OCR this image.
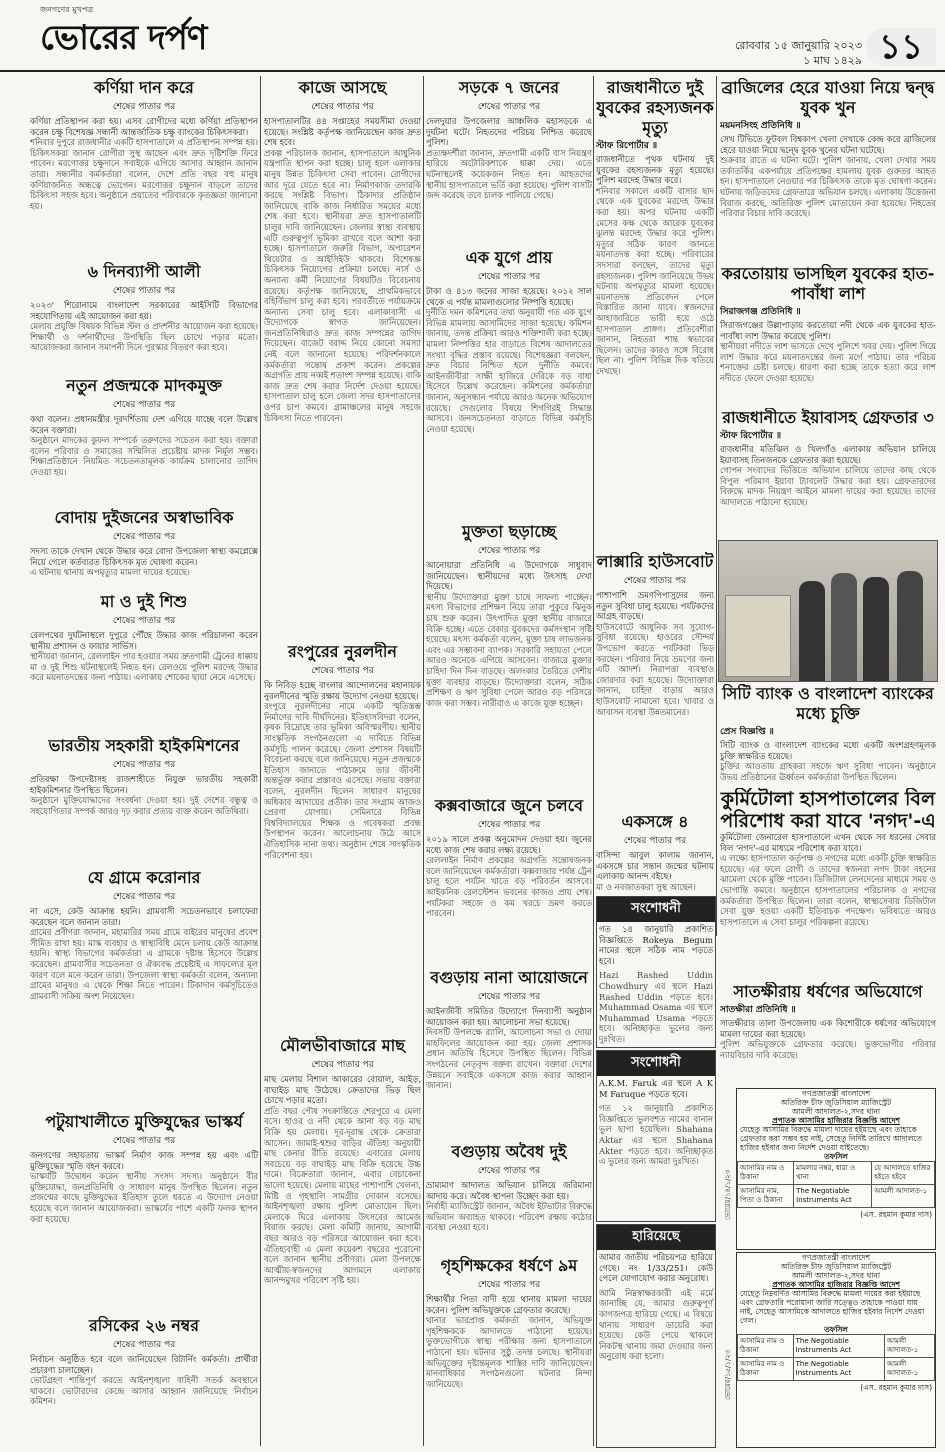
জনগণের মুখপত্র
ভোরের দর্পণ	রোববার ১৫ জানুয়ারি ২০২৩
১ মাঘ ১৪২৯ ১১
কর্ণিয়া দান করে
শেষের পাতার পর
কর্ণিয়া প্রতিস্থাপন করা হয়। এসব রোগীদের মধ্যে কর্ণিয়া প্রতিস্থাপন করেন চক্ষু বিশেষজ্ঞ সন্ধানী আন্তর্জাতিক চক্ষু ব্যাংকের চিকিৎসকরা।
শনিবার দুপুরে রাজধানীর একটি হাসপাতালে এ প্রতিস্থাপন সম্পন্ন হয়। চিকিৎসকরা জানান রোগীরা সুস্থ আছেন এবং দ্রুত দৃষ্টিশক্তি ফিরে পাবেন। মরণোত্তর চক্ষুদানে সবাইকে এগিয়ে আসার আহ্বান জানান তারা। সন্ধানীর কর্মকর্তারা বলেন, দেশে প্রতি বছর বহু মানুষ কর্ণিয়াজনিত অন্ধত্বে ভোগেন। মরণোত্তর চক্ষুদান বাড়লে তাদের চিকিৎসা সহজ হবে। অনুষ্ঠানে প্রয়াতের পরিবারকে কৃতজ্ঞতা জানানো হয়।
৬ দিনব্যাপী আলী
শেষের পাতার পর
২০২৩' শিরোনামে বাংলাদেশ সরকারের আইসিটি বিভাগের সহযোগিতায় এই আয়োজন করা হয়।
মেলায় প্রযুক্তি বিষয়ক বিভিন্ন স্টল ও প্রদর্শনীর আয়োজন করা হয়েছে। শিক্ষার্থী ও দর্শনার্থীদের উপস্থিতি ছিল চোখে পড়ার মতো। আয়োজকরা জানান সমাপনী দিনে পুরস্কার বিতরণ করা হবে।
নতুন প্রজন্মকে মাদকমুক্ত
শেষের পাতার পর
কথা বলেন। প্রধানমন্ত্রীর দূরদর্শিতায় দেশ এগিয়ে যাচ্ছে বলে উল্লেখ করেন বক্তারা।
অনুষ্ঠানে মাদকের কুফল সম্পর্কে তরুণদের সচেতন করা হয়। বক্তারা বলেন পরিবার ও সমাজের সম্মিলিত প্রচেষ্টায় মাদক নির্মূল সম্ভব। শিক্ষাপ্রতিষ্ঠানে নিয়মিত সচেতনতামূলক কার্যক্রম চালানোর তাগিদ দেওয়া হয়।
বোদায় দুইজনের অস্বাভাবিক
শেষের পাতার পর
সদস্য তাকে দেখান থেকে উদ্ধার করে বোদা উপজেলা স্বাস্থ্য কমপ্লেক্সে নিয়ে গেলে কর্তব্যরত চিকিৎসক মৃত ঘোষণা করেন।
এ ঘটনায় থানায় অপমৃত্যুর মামলা দায়ের হয়েছে।
মা ও দুই শিশু
শেষের পাতার পর
রেলপথের দুর্ঘটনাস্থলে দুপুরে পৌঁছে উদ্ধার কাজ পরিচালনা করেন স্থানীয় প্রশাসন ও ফায়ার সার্ভিস।
স্থানীয়রা জানান, রেললাইন পার হওয়ার সময় দ্রুতগামী ট্রেনের ধাক্কায় মা ও দুই শিশু ঘটনাস্থলেই নিহত হন। রেলওয়ে পুলিশ মরদেহ উদ্ধার করে ময়নাতদন্তের জন্য পাঠায়। এলাকায় শোকের ছায়া নেমে এসেছে।
ভারতীয় সহকারী হাইকমিশনের
শেষের পাতার পর
প্রতিরক্ষা উপদেষ্টাসহ রাজশাহীতে নিযুক্ত ভারতীয় সহকারী হাইকমিশনার উপস্থিত ছিলেন।
অনুষ্ঠানে মুক্তিযোদ্ধাদের সংবর্ধনা দেওয়া হয়। দুই দেশের বন্ধুত্ব ও সহযোগিতার সম্পর্ক আরও দৃঢ় করার প্রত্যয় ব্যক্ত করেন অতিথিরা।
যে গ্রামে করোনার
শেষের পাতার পর
না এসে, কেউ আক্রান্ত হয়নি। গ্রামবাসী সচেতনভাবে চলাফেরা করেছেন বলে জানান তারা।
গ্রামের প্রবীণরা জানান, মহামারির সময় গ্রামে বাইরের মানুষের প্রবেশ সীমিত রাখা হয়। মাস্ক ব্যবহার ও স্বাস্থ্যবিধি মেনে চলায় কেউ আক্রান্ত হয়নি। স্বাস্থ্য বিভাগের কর্মকর্তারা এ গ্রামকে দৃষ্টান্ত হিসেবে উল্লেখ করেছেন। গ্রামবাসীর সচেতনতা ও ঐক্যবদ্ধ প্রচেষ্টাই এ সাফল্যের মূল কারণ বলে মনে করেন তারা। উপজেলা স্বাস্থ্য কর্মকর্তা বলেন, অন্যান্য গ্রামের মানুষও এ থেকে শিক্ষা নিতে পারেন। টিকাদান কর্মসূচিতেও গ্রামবাসী সক্রিয় অংশ নিয়েছেন।
পটুয়াখালীতে মুক্তিযুদ্ধের ভাস্কর্য
শেষের পাতার পর
জনগণের সহায়তায় ভাস্কর্য নির্মাণ কাজ সম্পন্ন হয় এবং এটি মুক্তিযুদ্ধের স্মৃতি বহন করবে।
ভাস্কর্যটি উদ্বোধন করেন স্থানীয় সংসদ সদস্য। অনুষ্ঠানে বীর মুক্তিযোদ্ধা, জনপ্রতিনিধি ও সাধারণ মানুষ উপস্থিত ছিলেন। নতুন প্রজন্মের কাছে মুক্তিযুদ্ধের ইতিহাস তুলে ধরতে এ উদ্যোগ নেওয়া হয়েছে বলে জানান আয়োজকরা। ভাস্কর্যের পাশে একটি ফলক স্থাপন করা হয়েছে।
রসিকের ২৬ নম্বর
শেষের পাতার পর
নির্বাচন অনুষ্ঠিত হবে বলে জানিয়েছেন রিটার্নিং কর্মকর্তা। প্রার্থীরা প্রচারণা চালাচ্ছেন।
ভোটগ্রহণ শান্তিপূর্ণ করতে আইনশৃঙ্খলা বাহিনী সতর্ক অবস্থানে থাকবে। ভোটারদের কেন্দ্রে আসার আহ্বান জানিয়েছে নির্বাচন কমিশন।
কাজে আসছে
শেষের পাতার পর
হাসপাতালটির ৪৪ সপ্তাহের সময়সীমা দেওয়া হয়েছে। সংশ্লিষ্ট কর্তৃপক্ষ জানিয়েছেন কাজ দ্রুত শেষ হবে।
প্রকল্প পরিচালক জানান, হাসপাতালে আধুনিক যন্ত্রপাতি স্থাপন করা হচ্ছে। চালু হলে এলাকার মানুষ উন্নত চিকিৎসা সেবা পাবেন। রোগীদের আর দূরে যেতে হবে না। নির্মাণকাজ তদারকি করছে সংশ্লিষ্ট বিভাগ। ঠিকাদার প্রতিষ্ঠান জানিয়েছে বাকি কাজ নির্ধারিত সময়ের মধ্যে শেষ করা হবে। স্থানীয়রা দ্রুত হাসপাতালটি চালুর দাবি জানিয়েছেন। জেলার স্বাস্থ্য ব্যবস্থায় এটি গুরুত্বপূর্ণ ভূমিকা রাখবে বলে আশা করা হচ্ছে। হাসপাতালে জরুরি বিভাগ, অপারেশন থিয়েটার ও আইসিইউ থাকবে। বিশেষজ্ঞ চিকিৎসক নিয়োগের প্রক্রিয়া চলছে। নার্স ও অন্যান্য কর্মী নিয়োগের বিষয়টিও বিবেচনায় রয়েছে। কর্তৃপক্ষ জানিয়েছে, প্রাথমিকভাবে বহির্বিভাগ চালু করা হবে। পরবর্তীতে পর্যায়ক্রমে অন্যান্য সেবা চালু হবে। এলাকাবাসী এ উদ্যোগকে স্বাগত জানিয়েছেন। জনপ্রতিনিধিরাও দ্রুত কাজ সম্পন্নের তাগিদ দিয়েছেন। বাজেট বরাদ্দ নিয়ে কোনো সমস্যা নেই বলে জানানো হয়েছে। পরিদর্শনকালে কর্মকর্তারা সন্তোষ প্রকাশ করেন। প্রকল্পের অগ্রগতি প্রায় নব্বই শতাংশ সম্পন্ন হয়েছে। বাকি কাজ দ্রুত শেষ করার নির্দেশ দেওয়া হয়েছে। হাসপাতাল চালু হলে জেলা সদর হাসপাতালের ওপর চাপ কমবে। গ্রামাঞ্চলের মানুষ সহজে চিকিৎসা নিতে পারবেন।
রংপুরের নুরলদীন
শেষের পাতার পর
কি নিবিড় হচ্ছে বাংলার আন্দোলনের মহানায়ক নুরলদীনের স্মৃতি রক্ষায় উদ্যোগ নেওয়া হয়েছে।
রংপুরে নুরলদীনের নামে একটি স্মৃতিস্তম্ভ নির্মাণের দাবি দীর্ঘদিনের। ইতিহাসবিদরা বলেন, কৃষক বিদ্রোহে তার ভূমিকা অবিস্মরণীয়। স্থানীয় সাংস্কৃতিক সংগঠনগুলো এ দাবিতে বিভিন্ন কর্মসূচি পালন করেছে। জেলা প্রশাসন বিষয়টি বিবেচনা করছে বলে জানিয়েছে। নতুন প্রজন্মকে ইতিহাস জানাতে পাঠ্যক্রমে তার জীবনী অন্তর্ভুক্ত করার প্রস্তাবও এসেছে। সভায় বক্তারা বলেন, নুরলদীন ছিলেন সাধারণ মানুষের অধিকার আদায়ের প্রতীক। তার সংগ্রাম আজও প্রেরণা যোগায়। সেমিনারে বিভিন্ন বিশ্ববিদ্যালয়ের শিক্ষক ও গবেষকরা প্রবন্ধ উপস্থাপন করেন। আলোচনায় উঠে আসে ঐতিহাসিক নানা তথ্য। অনুষ্ঠান শেষে সাংস্কৃতিক পরিবেশনা হয়।
মৌলভীবাজারে মাছ
শেষের পাতার পর
মাছ মেলায় বিশাল আকারের বোয়াল, আইড়, বাঘাইড় মাছ উঠেছে। ক্রেতাদের ভিড় ছিল চোখে পড়ার মতো।
প্রতি বছর পৌষ সংক্রান্তিতে শেরপুরে এ মেলা বসে। হাওর ও নদী থেকে আনা বড় বড় মাছ বিক্রি হয় মেলায়। দূর-দূরান্ত থেকে ক্রেতারা আসেন। জামাই-শ্বশুর বাড়ির ঐতিহ্য অনুযায়ী মাছ কেনার রীতি রয়েছে। এবারের মেলায় সবচেয়ে বড় বাঘাইড় মাছ বিক্রি হয়েছে উচ্চ দামে। বিক্রেতারা জানান, এবার বেচাকেনা ভালো হয়েছে। মেলায় মাছের পাশাপাশি খেলনা, মিষ্টি ও গৃহস্থালি সামগ্রীর দোকান বসেছে। আইনশৃঙ্খলা রক্ষায় পুলিশ মোতায়েন ছিল। মেলাকে ঘিরে এলাকায় উৎসবের আমেজ বিরাজ করছে। মেলা কমিটি জানায়, আগামী বছর আরও বড় পরিসরে আয়োজন করা হবে। ঐতিহ্যবাহী এ মেলা কয়েকশ বছরের পুরোনো বলে জানান স্থানীয় প্রবীণরা। মেলা উপলক্ষে আত্মীয়-স্বজনদের আগমনে এলাকায় আনন্দমুখর পরিবেশ সৃষ্টি হয়।
সড়কে ৭ জনের
শেষের পাতার পর
দেলদুয়ার উপজেলার আঞ্চলিক মহাসড়কে এ দুর্ঘটনা ঘটে। নিহতদের পরিচয় নিশ্চিত করেছে পুলিশ।
প্রত্যক্ষদর্শীরা জানান, দ্রুতগামী একটি বাস নিয়ন্ত্রণ হারিয়ে অটোরিকশাকে ধাক্কা দেয়। এতে ঘটনাস্থলেই কয়েকজন নিহত হন। আহতদের স্থানীয় হাসপাতালে ভর্তি করা হয়েছে। পুলিশ বাসটি জব্দ করেছে তবে চালক পালিয়ে গেছে।
এক যুগে প্রায়
শেষের পাতার পর
টাকা ও ৪১৩ জনের সাজা হয়েছে। ২০১২ সাল থেকে এ পর্যন্ত মামলাগুলোর নিষ্পত্তি হয়েছে।
দুর্নীতি দমন কমিশনের তথ্য অনুযায়ী গত এক যুগে বিভিন্ন মামলায় আসামিদের সাজা হয়েছে। কমিশন জানায়, তদন্ত প্রক্রিয়া আরও শক্তিশালী করা হচ্ছে। মামলা নিষ্পত্তির হার বাড়াতে বিশেষ আদালতের সংখ্যা বৃদ্ধির প্রস্তাব রয়েছে। বিশেষজ্ঞরা বলছেন, দ্রুত বিচার নিশ্চিত হলে দুর্নীতি কমবে। আইনজীবীরা সাক্ষী হাজিরে দেরিকে বড় বাধা হিসেবে উল্লেখ করেছেন। কমিশনের কর্মকর্তারা জানান, অনুসন্ধান পর্যায়ে আরও অনেক অভিযোগ রয়েছে। সেগুলোর বিষয়ে শিগগিরই সিদ্ধান্ত আসবে। জনসচেতনতা বাড়াতে বিভিন্ন কর্মসূচি নেওয়া হয়েছে।
মুক্ততা ছড়াচ্ছে
শেষের পাতার পর
আনোয়ারা প্রতিনিধি এ উদ্যোগকে সাধুবাদ জানিয়েছেন। স্থানীয়দের মধ্যে উৎসাহ দেখা দিয়েছে।
স্থানীয় উদ্যোক্তারা মুক্তা চাষে সাফল্য পাচ্ছেন। মৎস্য বিভাগের প্রশিক্ষণ নিয়ে তারা পুকুরে ঝিনুক চাষ শুরু করেন। উৎপাদিত মুক্তা স্থানীয় বাজারে বিক্রি হচ্ছে। এতে বেকার যুবকদের কর্মসংস্থান সৃষ্টি হয়েছে। মৎস্য কর্মকর্তা বলেন, মুক্তা চাষ লাভজনক এবং এর সম্ভাবনা ব্যাপক। সরকারি সহায়তা পেলে আরও অনেকে এগিয়ে আসবেন। বাজারে মুক্তার চাহিদা দিন দিন বাড়ছে। অলংকার তৈরিতে দেশীয় মুক্তা ব্যবহার বাড়ছে। উদ্যোক্তারা বলেন, সঠিক প্রশিক্ষণ ও ঋণ সুবিধা পেলে আরও বড় পরিসরে কাজ করা সম্ভব। নারীরাও এ কাজে যুক্ত হচ্ছেন।
কক্সবাজারে জুনে চলবে
শেষের পাতার পর
২০১৯ সালে প্রকল্প অনুমোদন দেওয়া হয়। জুনের মধ্যে কাজ শেষ করার লক্ষ্য রয়েছে।
রেললাইন নির্মাণ প্রকল্পের অগ্রগতি সন্তোষজনক বলে জানিয়েছেন কর্মকর্তারা। কক্সবাজার পর্যন্ত ট্রেন চালু হলে পর্যটন খাতে বড় পরিবর্তন আসবে। আইকনিক রেলস্টেশন ভবনের কাজও প্রায় শেষ। পর্যটকরা সহজে ও কম খরচে ভ্রমণ করতে পারবেন।
বগুড়ায় নানা আয়োজনে
শেষের পাতার পর
আইনজীবী সমিতির উদ্যোগে দিনব্যাপী অনুষ্ঠান আয়োজন করা হয়। আলোচনা সভা হয়েছে।
দিবসটি উপলক্ষে র‍্যালি, আলোচনা সভা ও দোয়া মাহফিলের আয়োজন করা হয়। জেলা প্রশাসক প্রধান অতিথি হিসেবে উপস্থিত ছিলেন। বিভিন্ন সংগঠনের নেতৃবৃন্দ বক্তব্য রাখেন। বক্তারা দেশের উন্নয়নে সবাইকে একসঙ্গে কাজ করার আহ্বান জানান।
বগুড়ায় অবৈধ দুই
শেষের পাতার পর
ভ্রাম্যমাণ আদালত অভিযান চালিয়ে জরিমানা আদায় করে। অবৈধ স্থাপনা উচ্ছেদ করা হয়।
নির্বাহী ম্যাজিস্ট্রেট জানান, অবৈধ ইটভাটার বিরুদ্ধে অভিযান অব্যাহত থাকবে। পরিবেশ রক্ষায় কঠোর ব্যবস্থা নেওয়া হবে।
গৃহশিক্ষকের ধর্ষণে ৯ম
শেষের পাতার পর
শিক্ষার্থীর পিতা বাদী হয়ে থানায় মামলা দায়ের করেন। পুলিশ অভিযুক্তকে গ্রেফতার করেছে।
থানার ভারপ্রাপ্ত কর্মকর্তা জানান, অভিযুক্ত গৃহশিক্ষককে আদালতে পাঠানো হয়েছে। ভুক্তভোগীকে স্বাস্থ্য পরীক্ষার জন্য হাসপাতালে পাঠানো হয়। ঘটনার সুষ্ঠু তদন্ত চলছে। স্থানীয়রা অভিযুক্তের দৃষ্টান্তমূলক শাস্তির দাবি জানিয়েছেন। মানবাধিকার সংগঠনগুলো ঘটনার নিন্দা জানিয়েছে।
রাজধানীতে দুই যুবকের রহস্যজনক মৃত্যু
স্টাফ রিপোর্টার ॥
রাজধানীতে পৃথক ঘটনায় দুই যুবকের রহস্যজনক মৃত্যু হয়েছে। পুলিশ মরদেহ উদ্ধার করে।
শনিবার সকালে একটি বাসার ছাদ থেকে এক যুবকের মরদেহ উদ্ধার করা হয়। অপর ঘটনায় একটি মেসের কক্ষ থেকে আরেক যুবকের ঝুলন্ত মরদেহ উদ্ধার করে পুলিশ। মৃত্যুর সঠিক কারণ জানতে ময়নাতদন্ত করা হচ্ছে। পরিবারের সদস্যরা বলছেন, তাদের মৃত্যু রহস্যজনক। পুলিশ জানিয়েছে উভয় ঘটনায় অপমৃত্যুর মামলা হয়েছে। ময়নাতদন্ত প্রতিবেদন পেলে বিস্তারিত জানা যাবে। স্বজনদের আহাজারিতে ভারী হয়ে ওঠে হাসপাতাল প্রাঙ্গণ। প্রতিবেশীরা জানান, নিহতরা শান্ত স্বভাবের ছিলেন। তাদের কারও সঙ্গে বিরোধ ছিল না। পুলিশ বিভিন্ন দিক খতিয়ে দেখছে।
লাক্সারি হাউসবোট
শেষের পাতার পর
পাশাপাশি ভ্রমণপিপাসুদের জন্য নতুন সুবিধা চালু হয়েছে। পর্যটকদের আগ্রহ বাড়ছে।
হাউসবোটে আধুনিক সব সুযোগ-সুবিধা রয়েছে। হাওরের সৌন্দর্য উপভোগ করতে পর্যটকরা ভিড় করছেন। পরিবার নিয়ে ভ্রমণের জন্য এটি আদর্শ। নিরাপত্তা ব্যবস্থাও জোরদার করা হয়েছে। উদ্যোক্তারা জানান, চাহিদা বাড়ায় আরও হাউসবোট নামানো হবে। খাবার ও আবাসন ব্যবস্থা উন্নতমানের।
একসঙ্গে ৪
শেষের পাতার পর
বাসিন্দা আবুল কালাম জানান, একসঙ্গে চার সন্তান জন্মের ঘটনায় এলাকায় আনন্দ বইছে।
মা ও নবজাতকরা সুস্থ আছেন।
সংশোধনী
গত ১৪ জানুয়ারি প্রকাশিত বিজ্ঞপ্তিতে Rokeya Begum নামের স্থলে সঠিক নাম পড়তে হবে।
Hazi Rashed Uddin Chowdhury এর স্থলে Hazi Rashed Uddin পড়তে হবে। Muhammad Osama এর স্থলে Muhammad Usama পড়তে হবে। অনিচ্ছাকৃত ভুলের জন্য দুঃখিত।
সংশোধনী
A.K.M. Faruk এর স্থলে A K M Faruque পড়তে হবে।
গত ১২ জানুয়ারি প্রকাশিত বিজ্ঞপ্তিতে ভুলবশত নামের বানান ভুল ছাপা হয়েছিল। Shahana Aktar এর স্থলে Shahana Akter পড়তে হবে। অনিচ্ছাকৃত এ ভুলের জন্য আমরা দুঃখিত।
হারিয়েছে
আমার জাতীয় পরিচয়পত্র হারিয়ে গেছে। নং 1/33/251। কেউ পেলে যোগাযোগ করার অনুরোধ।
আমি নিম্নস্বাক্ষরকারী এই মর্মে জানাচ্ছি যে, আমার গুরুত্বপূর্ণ কাগজপত্র হারিয়ে গেছে। এ বিষয়ে থানায় সাধারণ ডায়েরি করা হয়েছে। কেউ পেয়ে থাকলে নিকটস্থ থানায় জমা দেওয়ার জন্য অনুরোধ করা হলো।
ব্রাজিলের হেরে যাওয়া নিয়ে দ্বন্দ্ব যুবক খুন
ময়মনসিংহ প্রতিনিধি ॥
সেখ টিভিতে ফুটবল বিশ্বকাপ খেলা দেখাকে কেন্দ্র করে ব্রাজিলের হেরে যাওয়া নিয়ে দ্বন্দ্বে যুবক খুনের ঘটনা ঘটেছে।
শুক্রবার রাতে এ ঘটনা ঘটে। পুলিশ জানায়, খেলা দেখার সময় তর্কাতর্কির একপর্যায়ে প্রতিপক্ষের হামলায় যুবক গুরুতর আহত হন। হাসপাতালে নেওয়ার পর চিকিৎসক তাকে মৃত ঘোষণা করেন। ঘটনায় জড়িতদের গ্রেফতারে অভিযান চলছে। এলাকায় উত্তেজনা বিরাজ করছে, অতিরিক্ত পুলিশ মোতায়েন করা হয়েছে। নিহতের পরিবার বিচার দাবি করেছে।
করতোয়ায় ভাসছিল যুবকের হাত-পাবাঁধা লাশ
সিরাজগঞ্জ প্রতিনিধি ॥
সিরাজগঞ্জের উল্লাপাড়ায় করতোয়া নদী থেকে এক যুবকের হাত-পাবাঁধা লাশ উদ্ধার করেছে পুলিশ।
স্থানীয়রা নদীতে লাশ ভাসতে দেখে পুলিশে খবর দেয়। পুলিশ গিয়ে লাশ উদ্ধার করে ময়নাতদন্তের জন্য মর্গে পাঠায়। তার পরিচয় শনাক্তের চেষ্টা চলছে। ধারণা করা হচ্ছে তাকে হত্যা করে লাশ নদীতে ফেলে দেওয়া হয়েছে।
রাজধানীতে ইয়াবাসহ গ্রেফতার ৩
স্টাফ রিপোর্টার ॥
রাজধানীর মতিঝিল ও খিলগাঁও এলাকায় অভিযান চালিয়ে ইয়াবাসহ তিনজনকে গ্রেফতার করা হয়েছে।
গোপন সংবাদের ভিত্তিতে অভিযান চালিয়ে তাদের কাছ থেকে বিপুল পরিমাণ ইয়াবা ট্যাবলেট উদ্ধার করা হয়। গ্রেফতারদের বিরুদ্ধে মাদক নিয়ন্ত্রণ আইনে মামলা দায়ের করা হয়েছে। তাদের আদালতে পাঠানো হয়েছে।
সিটি ব্যাংক ও বাংলাদেশ ব্যাংকের মধ্যে চুক্তি
প্রেস বিজ্ঞপ্তি ॥
সিটি ব্যাংক ও বাংলাদেশ ব্যাংকের মধ্যে একটি অংশগ্রহণমূলক চুক্তি স্বাক্ষরিত হয়েছে।
চুক্তির আওতায় গ্রাহকরা সহজে ঋণ সুবিধা পাবেন। অনুষ্ঠানে উভয় প্রতিষ্ঠানের ঊর্ধ্বতন কর্মকর্তারা উপস্থিত ছিলেন।
কুর্মিটোলা হাসপাতালের বিল পরিশোধ করা যাবে 'নগদ'-এ
কুর্মিটোলা জেনারেল হাসপাতালে এখন থেকে সব ধরনের সেবার বিল 'নগদ'-এর মাধ্যমে পরিশোধ করা যাবে।
এ লক্ষ্যে হাসপাতাল কর্তৃপক্ষ ও নগদের মধ্যে একটি চুক্তি স্বাক্ষরিত হয়েছে। এর ফলে রোগী ও তাদের স্বজনরা নগদ টাকা বহনের ঝামেলা থেকে মুক্তি পাবেন। ডিজিটাল লেনদেনের মাধ্যমে সময় ও ভোগান্তি কমবে। অনুষ্ঠানে হাসপাতালের পরিচালক ও নগদের কর্মকর্তারা উপস্থিত ছিলেন। তারা বলেন, স্বাস্থ্যসেবায় ডিজিটাল সেবা যুক্ত হওয়া একটি ইতিবাচক পদক্ষেপ। ভবিষ্যতে আরও হাসপাতালে এ সেবা চালুর পরিকল্পনা রয়েছে।
সাতক্ষীরায় ধর্ষণের অভিযোগে
সাতক্ষীরা প্রতিনিধি ॥
সাতক্ষীরার তালা উপজেলায় এক কিশোরীকে ধর্ষণের অভিযোগে মামলা দায়ের করা হয়েছে।
পুলিশ অভিযুক্তকে গ্রেফতার করেছে। ভুক্তভোগীর পরিবার ন্যায়বিচার দাবি করেছে।
গণপ্রজাতন্ত্রী বাংলাদেশ
অতিরিক্ত চীফ জুডিসিয়াল ম্যাজিস্ট্রেট
আমলী আদালত-২,সদর থানা
প্রপাতক আসামির হাজিরার বিজ্ঞপ্তি আদেশ
যেহেতু আসামির বিরুদ্ধে মামলা দায়ের হইয়াছে এবং তাহাকে গ্রেফতার করা সম্ভব হয় নাই, সেহেতু নির্দিষ্ট তারিখে আদালতে হাজির হইবার জন্য নির্দেশ দেওয়া যাইতেছে।
তফসিল
আসামির নাম ও ঠিকানা	মামলার নম্বর, ধারা ও থানা	যে আদালতে হাজির হইতে হইবে
আসামির নাম, পিতা ও ঠিকানা	The Negotiable Instruments Act	আমলী আদালত-১
(এস. রহমান কুমার দাস)
গণপ্রজাতন্ত্রী বাংলাদেশ
অতিরিক্ত চীফ জুডিসিয়াল ম্যাজিস্ট্রেট
আমলী আদালত-২,সদর থানা
প্রপাতক আসামির হাজিরার বিজ্ঞপ্তি আদেশ
যেহেতু নিম্নবর্ণিত আসামির বিরুদ্ধে মামলা দায়ের করা হইয়াছে এবং গ্রেফতারি পরোয়ানা জারি সত্ত্বেও তাহাকে পাওয়া যায় নাই, সেহেতু আসামিকে আদালতে হাজির হইবার নির্দেশ দেওয়া গেল।
তফসিল
আসামির নাম ও ঠিকানা	The Negotiable Instruments Act	আমলী আদালত-১
আসামির নাম ও ঠিকানা	The Negotiable Instruments Act	আমলী আদালত-১
(এস. রহমান কুমার দাস)
ভোরের/১৪/১/২৩
ভোরের/১৫/১/২৩
